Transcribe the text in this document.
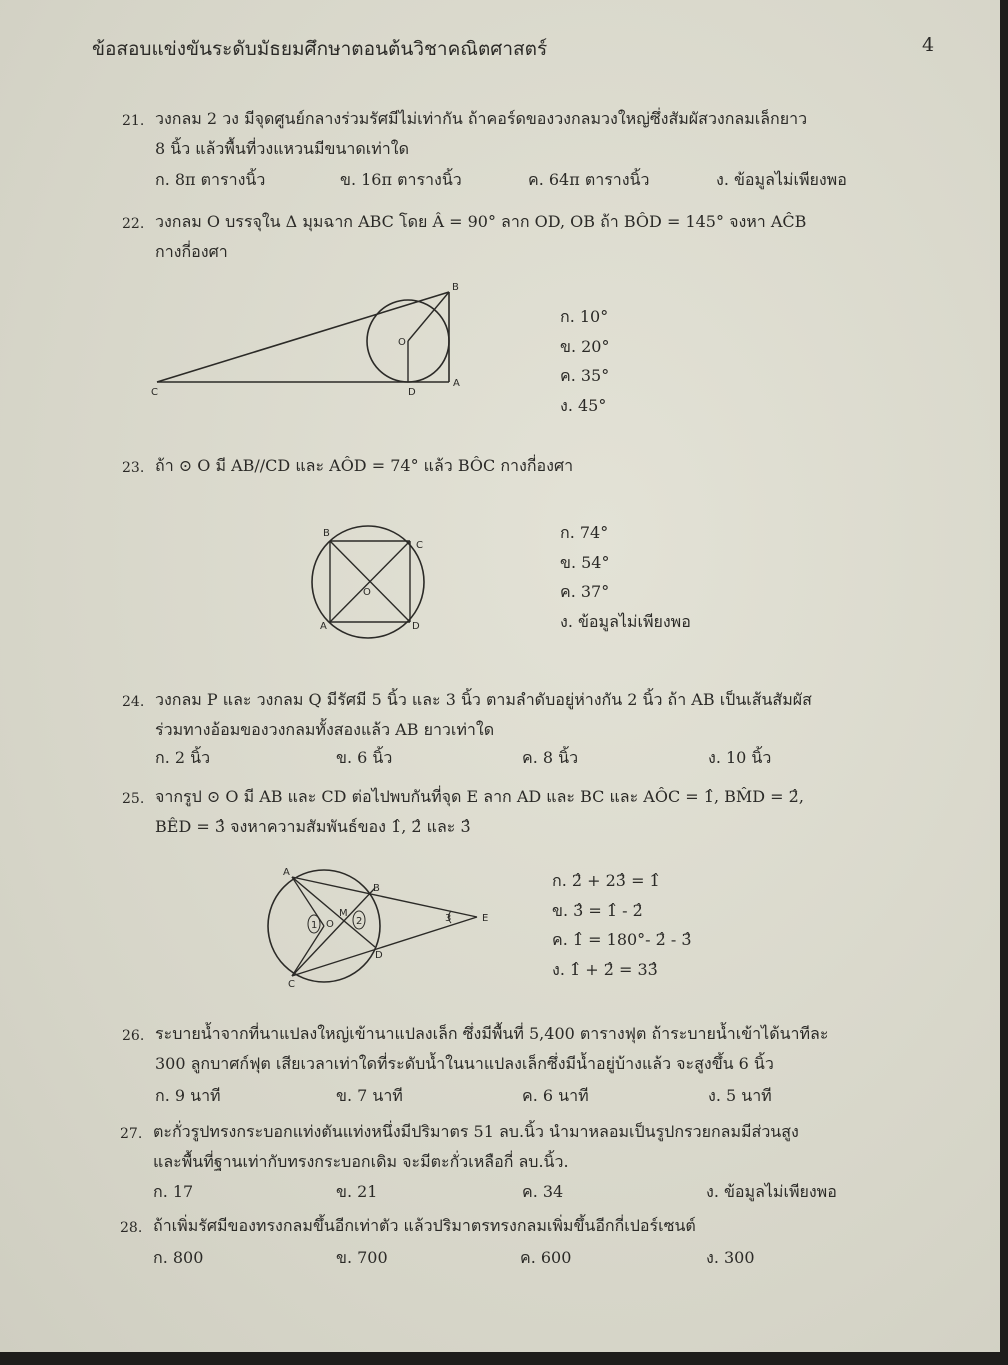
ข้อสอบแข่งขันระดับมัธยมศึกษาตอนต้นวิชาคณิตศาสตร์	4
21. วงกลม 2 วง มีจุดศูนย์กลางร่วมรัศมีไม่เท่ากัน ถ้าคอร์ดของวงกลมวงใหญ่ซึ่งสัมผัสวงกลมเล็กยาว
8 นิ้ว แล้วพื้นที่วงแหวนมีขนาดเท่าใด
ก. 8π ตารางนิ้ว	ข. 16π ตารางนิ้ว	ค. 64π ตารางนิ้ว	ง. ข้อมูลไม่เพียงพอ
22. วงกลม O บรรจุใน Δ มุมฉาก ABC โดย Â = 90° ลาก OD, OB ถ้า BÔD = 145° จงหา AĈB
กางกี่องศา
B
O
C	D
A
ก. 10°
ข. 20°
ค. 35°
ง. 45°
23. ถ้า ⊙ O มี AB//CD และ AÔD = 74° แล้ว BÔC กางกี่องศา
B
C
O
A	D
ก. 74°
ข. 54°
ค. 37°
ง. ข้อมูลไม่เพียงพอ
24. วงกลม P และ วงกลม Q มีรัศมี 5 นิ้ว และ 3 นิ้ว ตามลำดับอยู่ห่างกัน 2 นิ้ว ถ้า AB เป็นเส้นสัมผัส
ร่วมทางอ้อมของวงกลมทั้งสองแล้ว AB ยาวเท่าใด
ก. 2 นิ้ว	ข. 6 นิ้ว	ค. 8 นิ้ว	ง. 10 นิ้ว
25. จากรูป ⊙ O มี AB และ CD ต่อไปพบกันที่จุด E ลาก AD และ BC และ AÔC = 1̂, BM̂D = 2̂,
BÊD = 3̂ จงหาความสัมพันธ์ของ 1̂, 2̂ และ 3̂
A
B
M
O
1	2	3	E
D
C
ก. 2̂ + 23̂ = 1̂
ข. 3̂ = 1̂ - 2̂
ค. 1̂ = 180°- 2̂ - 3̂
ง. 1̂ + 2̂ = 33̂
26. ระบายน้ำจากที่นาแปลงใหญ่เข้านาแปลงเล็ก ซึ่งมีพื้นที่ 5,400 ตารางฟุต ถ้าระบายน้ำเข้าได้นาทีละ
300 ลูกบาศก์ฟุต เสียเวลาเท่าใดที่ระดับน้ำในนาแปลงเล็กซึ่งมีน้ำอยู่บ้างแล้ว จะสูงขึ้น 6 นิ้ว
ก. 9 นาที	ข. 7 นาที	ค. 6 นาที	ง. 5 นาที
27. ตะกั่วรูปทรงกระบอกแท่งตันแท่งหนึ่งมีปริมาตร 51 ลบ.นิ้ว นำมาหลอมเป็นรูปกรวยกลมมีส่วนสูง
และพื้นที่ฐานเท่ากับทรงกระบอกเดิม จะมีตะกั่วเหลือกี่ ลบ.นิ้ว.
ก. 17	ข. 21	ค. 34	ง. ข้อมูลไม่เพียงพอ
28. ถ้าเพิ่มรัศมีของทรงกลมขึ้นอีกเท่าตัว แล้วปริมาตรทรงกลมเพิ่มขึ้นอีกกี่เปอร์เซนต์
ก. 800	ข. 700	ค. 600	ง. 300
